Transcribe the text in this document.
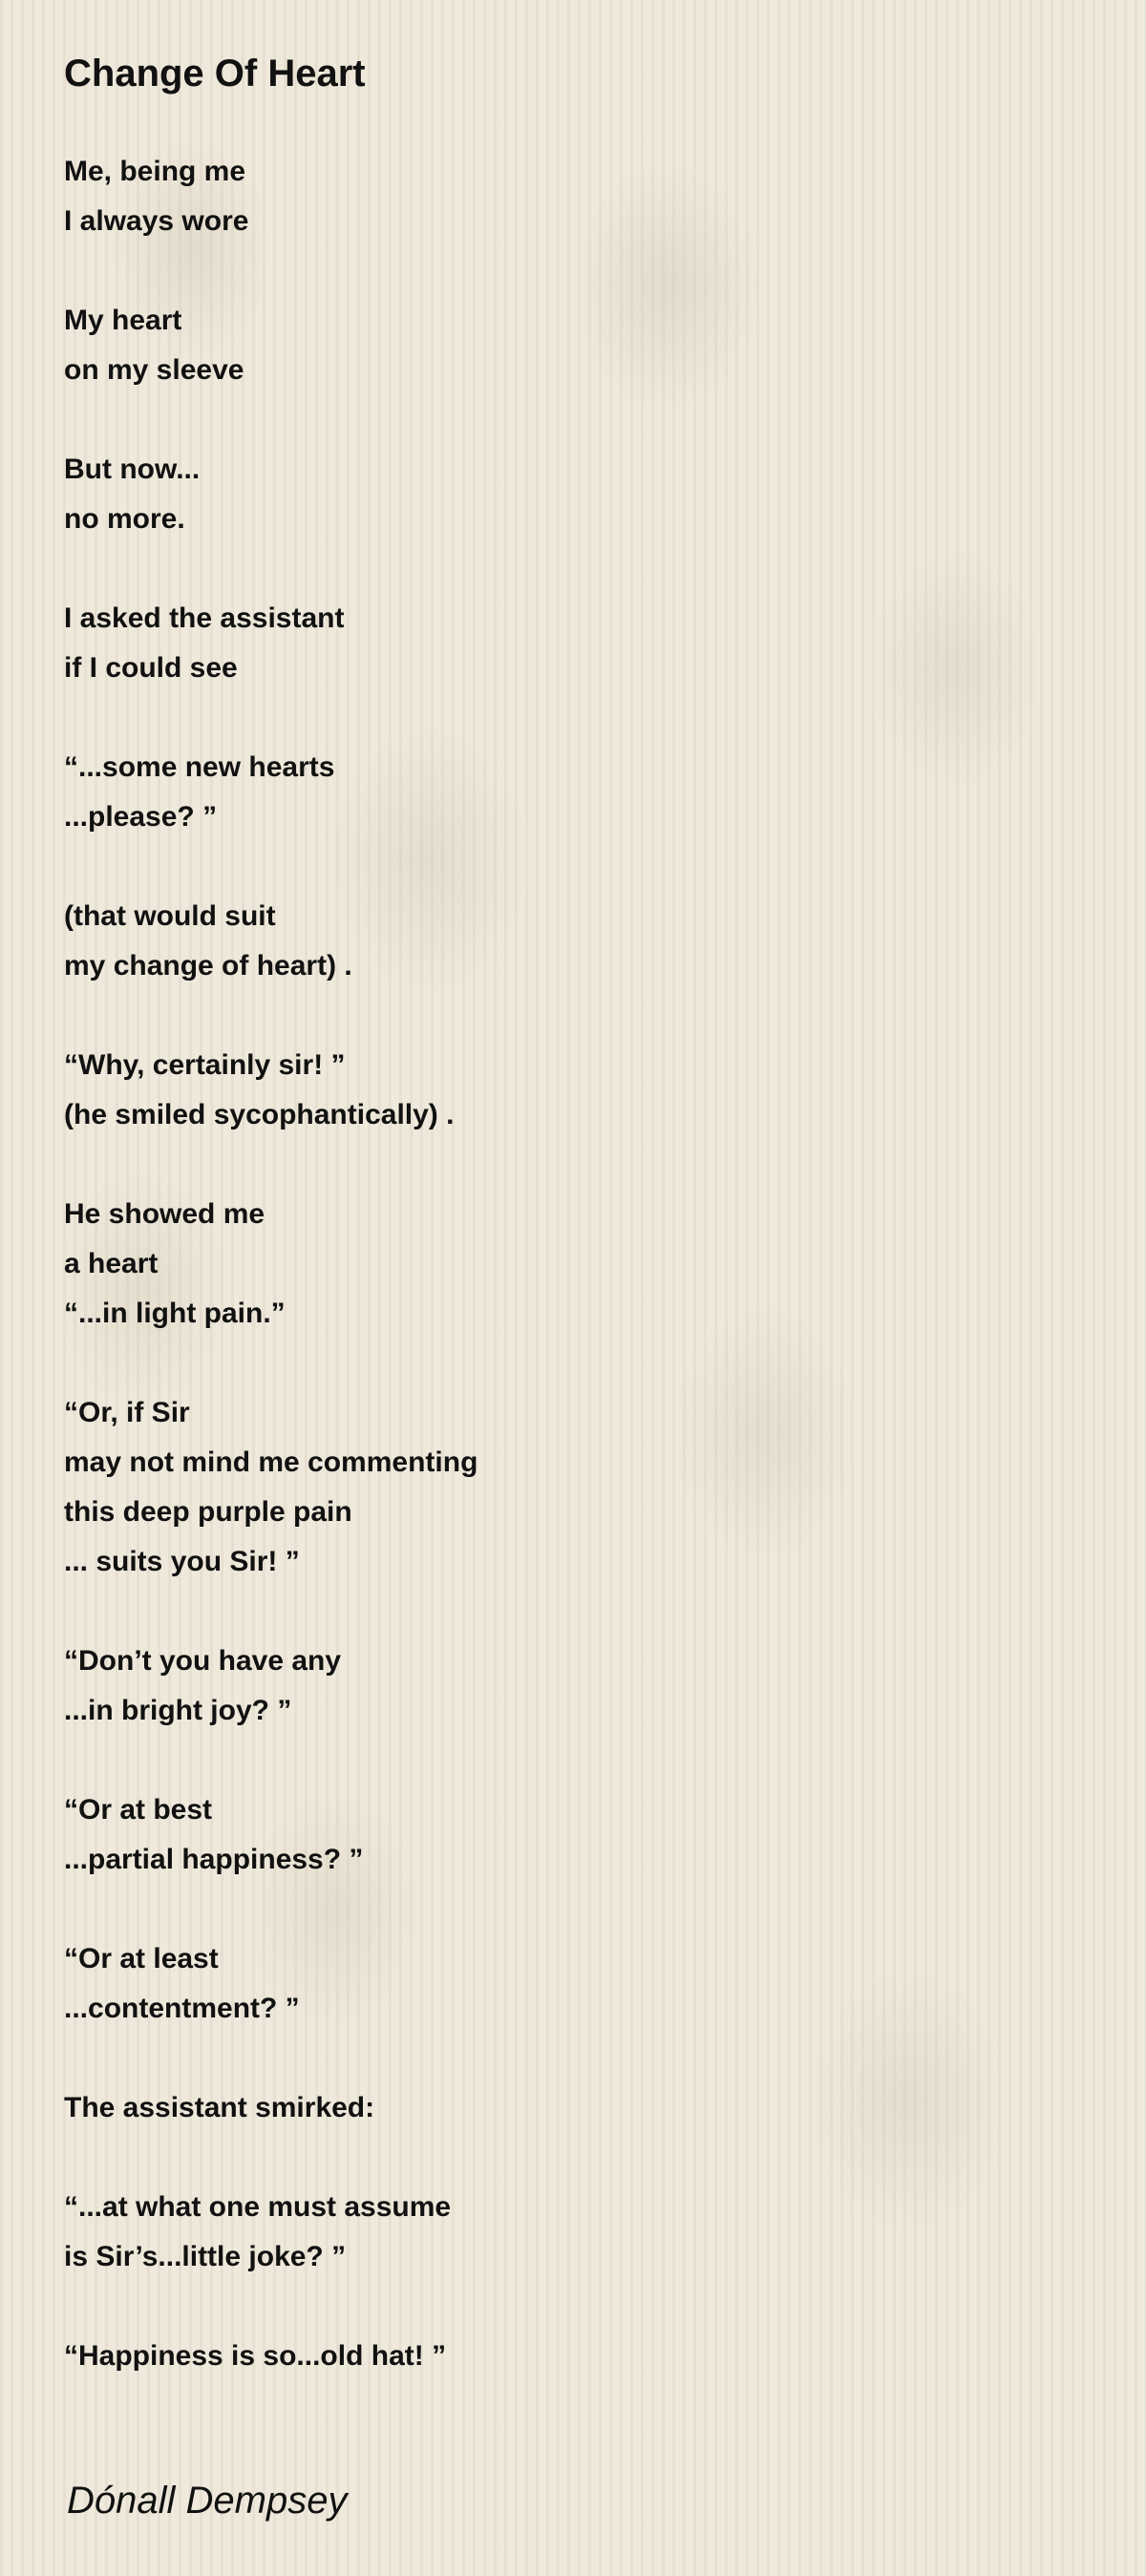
Change Of Heart
Me, being me
I always wore
My heart
on my sleeve
But now...
no more.
I asked the assistant
if I could see
“...some new hearts
...please? ”
(that would suit
my change of heart) .
“Why, certainly sir! ”
(he smiled sycophantically) .
He showed me
a heart
“...in light pain.”
“Or, if Sir
may not mind me commenting
this deep purple pain
... suits you Sir! ”
“Don’t you have any
...in bright joy? ”
“Or at best
...partial happiness? ”
“Or at least
...contentment? ”
The assistant smirked:
“...at what one must assume
is Sir’s...little joke? ”
“Happiness is so...old hat! ”
Dónall Dempsey
